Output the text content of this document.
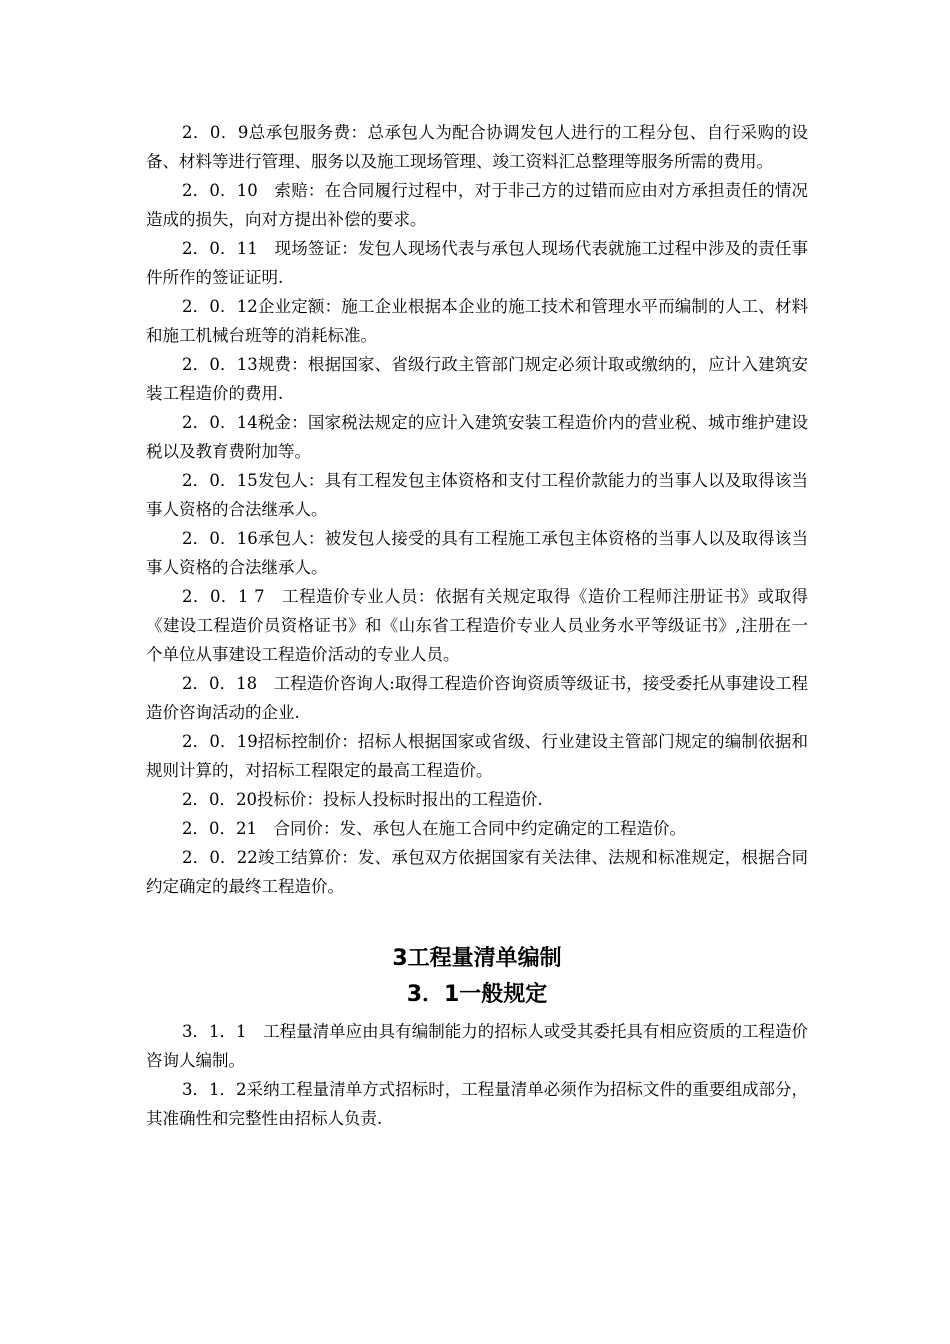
2．0．9总承包服务费：总承包人为配合协调发包人进行的工程分包、自行采购的设备、材料等进行管理、服务以及施工现场管理、竣工资料汇总整理等服务所需的费用。

2．0．10　索赔：在合同履行过程中，对于非己方的过错而应由对方承担责任的情况造成的损失，向对方提出补偿的要求。

2．0．11　现场签证：发包人现场代表与承包人现场代表就施工过程中涉及的责任事件所作的签证证明.

2．0．12企业定额：施工企业根据本企业的施工技术和管理水平而编制的人工、材料和施工机械台班等的消耗标准。

2．0．13规费：根据国家、省级行政主管部门规定必须计取或缴纳的，应计入建筑安装工程造价的费用.

2．0．14税金：国家税法规定的应计入建筑安装工程造价内的营业税、城市维护建设税以及教育费附加等。

2．0．15发包人：具有工程发包主体资格和支付工程价款能力的当事人以及取得该当事人资格的合法继承人。

2．0．16承包人：被发包人接受的具有工程施工承包主体资格的当事人以及取得该当事人资格的合法继承人。

2．0．1 7　工程造价专业人员：依据有关规定取得《造价工程师注册证书》或取得《建设工程造价员资格证书》和《山东省工程造价专业人员业务水平等级证书》,注册在一个单位从事建设工程造价活动的专业人员。

2．0．18　工程造价咨询人:取得工程造价咨询资质等级证书，接受委托从事建设工程造价咨询活动的企业.

2．0．19招标控制价：招标人根据国家或省级、行业建设主管部门规定的编制依据和规则计算的，对招标工程限定的最高工程造价。

2．0．20投标价：投标人投标时报出的工程造价.

2．0．21　合同价：发、承包人在施工合同中约定确定的工程造价。

2．0．22竣工结算价：发、承包双方依据国家有关法律、法规和标准规定，根据合同约定确定的最终工程造价。

3工程量清单编制
3．1一般规定

3．1．1　工程量清单应由具有编制能力的招标人或受其委托具有相应资质的工程造价咨询人编制。

3．1．2采纳工程量清单方式招标时，工程量清单必须作为招标文件的重要组成部分，其准确性和完整性由招标人负责.
